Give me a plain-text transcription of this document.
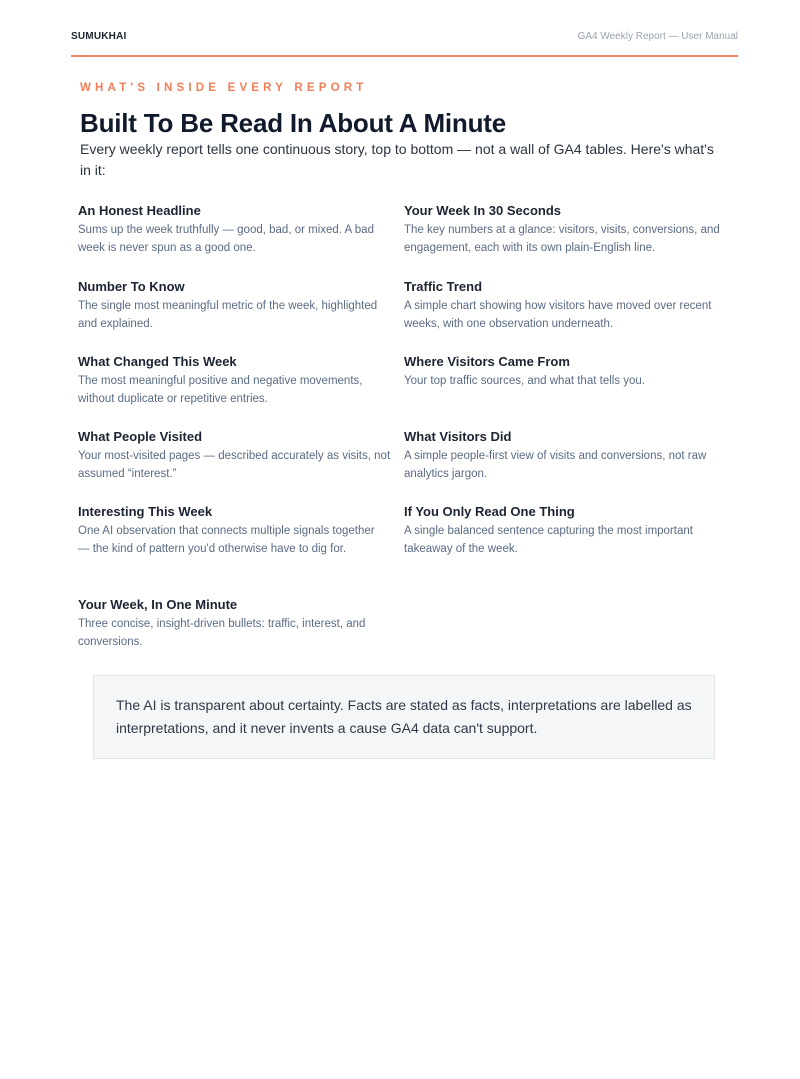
SUMUKHAI	GA4 Weekly Report — User Manual
WHAT'S INSIDE EVERY REPORT
Built To Be Read In About A Minute

Every weekly report tells one continuous story, top to bottom — not a wall of GA4 tables. Here's what's in it:

An Honest Headline

Sums up the week truthfully — good, bad, or mixed. A bad week is never spun as a good one.

Number To Know

The single most meaningful metric of the week, highlighted and explained.

What Changed This Week

The most meaningful positive and negative movements, without duplicate or repetitive entries.

What People Visited

Your most-visited pages — described accurately as visits, not assumed “interest.”

Interesting This Week

One AI observation that connects multiple signals together — the kind of pattern you'd otherwise have to dig for.

Your Week, In One Minute

Three concise, insight-driven bullets: traffic, interest, and conversions.

Your Week In 30 Seconds

The key numbers at a glance: visitors, visits, conversions, and engagement, each with its own plain-English line.

Traffic Trend

A simple chart showing how visitors have moved over recent weeks, with one observation underneath.

Where Visitors Came From

Your top traffic sources, and what that tells you.

What Visitors Did

A simple people-first view of visits and conversions, not raw analytics jargon.

If You Only Read One Thing

A single balanced sentence capturing the most important takeaway of the week.

The AI is transparent about certainty. Facts are stated as facts, interpretations are labelled as interpretations, and it never invents a cause GA4 data can't support.
